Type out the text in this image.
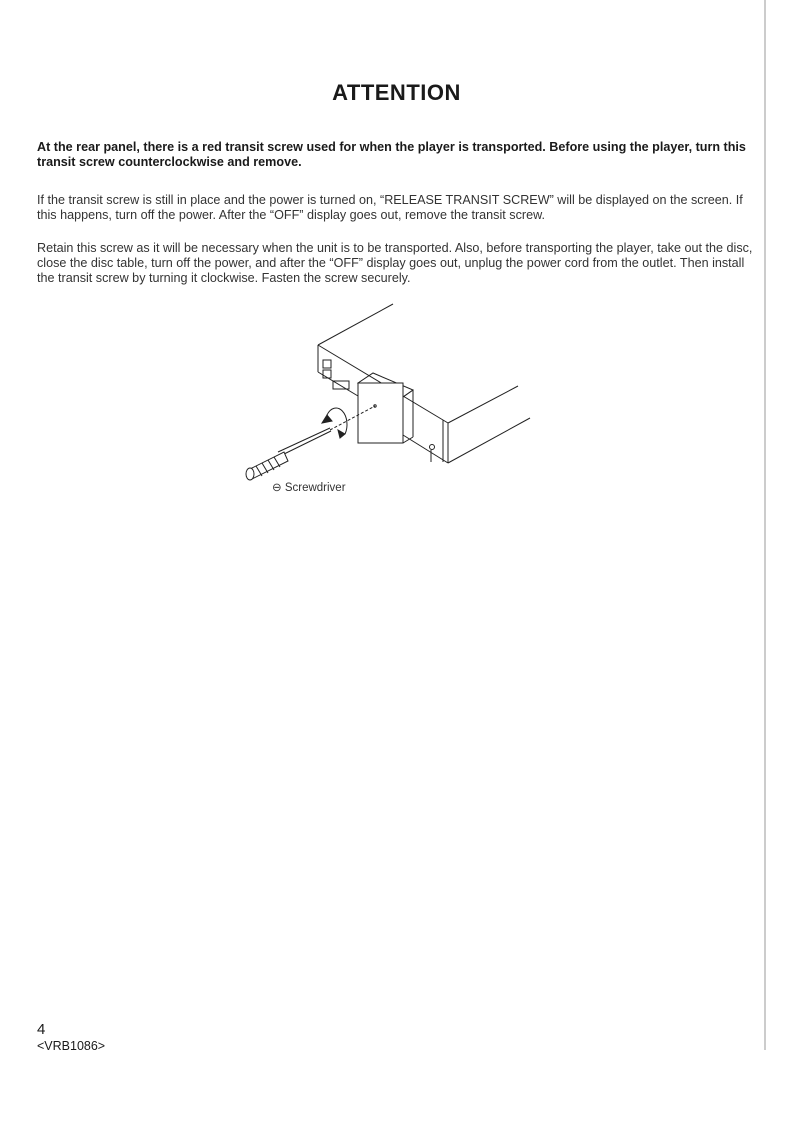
ATTENTION
At the rear panel, there is a red transit screw used for when the player is transported. Before using the player, turn this transit screw counterclockwise and remove.
If the transit screw is still in place and the power is turned on, “RELEASE TRANSIT SCREW” will be displayed on the screen. If this happens, turn off the power. After the “OFF” display goes out, remove the transit screw.
Retain this screw as it will be necessary when the unit is to be transported. Also, before transporting the player, take out the disc, close the disc table, turn off the power, and after the “OFF” display goes out, unplug the power cord from the outlet. Then install the transit screw by turning it clockwise. Fasten the screw securely.
⊖ Screwdriver
4
<VRB1086>
